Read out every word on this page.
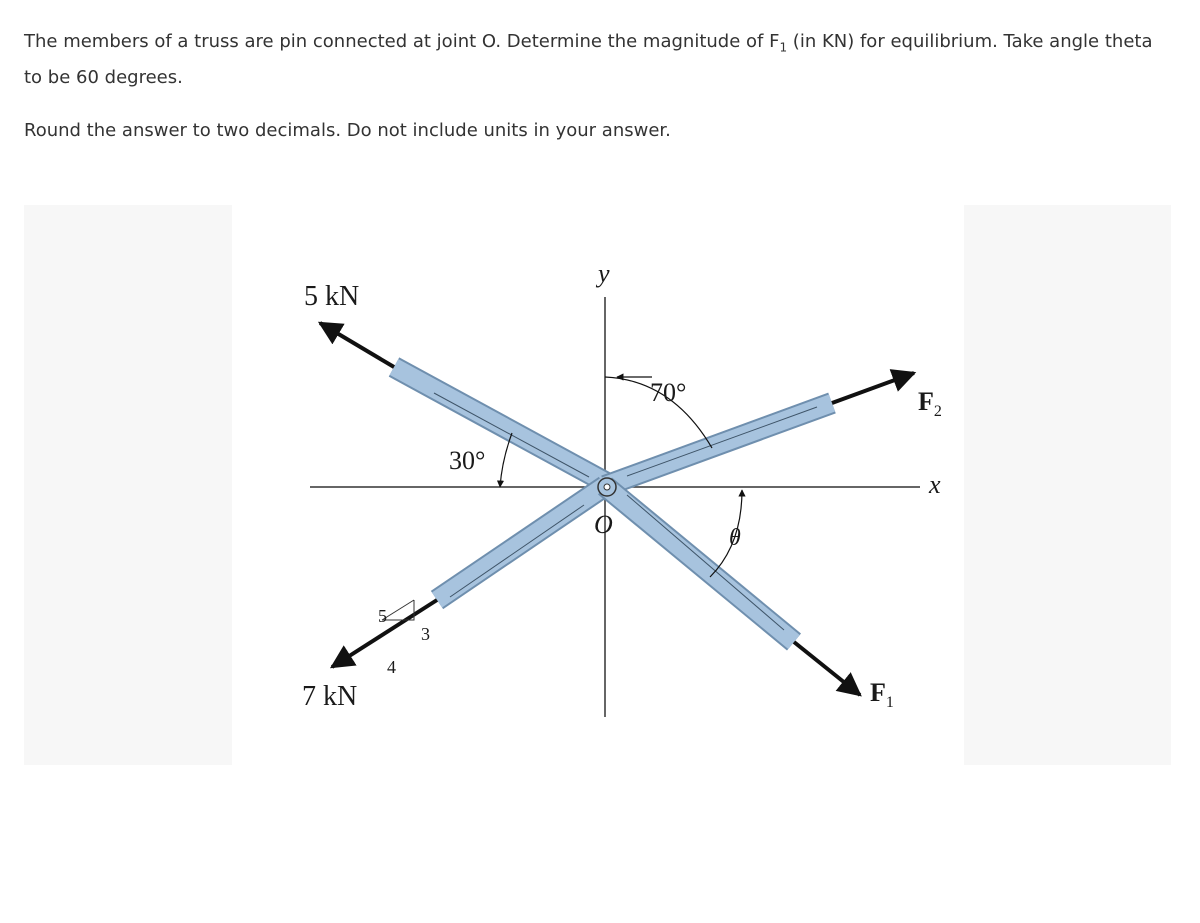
The members of a truss are pin connected at joint O. Determine the magnitude of $F_1$ (in KN) for equilibrium. Take angle theta to be 60 degrees.

Round the answer to two decimals. Do not include units in your answer.

5 kN
7 kN
30°
70°
θ
y
x
O
$F_2$
$F_1$
5
3
4
